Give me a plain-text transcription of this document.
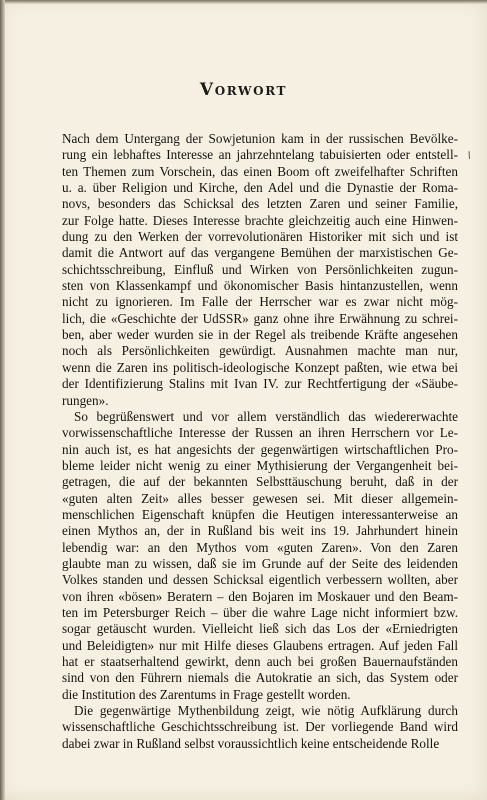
Vorwort
/

Nach dem Untergang der Sowjetunion kam in der russischen Bevölke-
rung ein lebhaftes Interesse an jahrzehntelang tabuisierten oder entstell-
ten Themen zum Vorschein, das einen Boom oft zweifelhafter Schriften
u. a. über Religion und Kirche, den Adel und die Dynastie der Roma-
novs, besonders das Schicksal des letzten Zaren und seiner Familie,
zur Folge hatte. Dieses Interesse brachte gleichzeitig auch eine Hinwen-
dung zu den Werken der vorrevolutionären Historiker mit sich und ist
damit die Antwort auf das vergangene Bemühen der marxistischen Ge-
schichtsschreibung, Einfluß und Wirken von Persönlichkeiten zugun-
sten von Klassenkampf und ökonomischer Basis hintanzustellen, wenn
nicht zu ignorieren. Im Falle der Herrscher war es zwar nicht mög-
lich, die «Geschichte der UdSSR» ganz ohne ihre Erwähnung zu schrei-
ben, aber weder wurden sie in der Regel als treibende Kräfte angesehen
noch als Persönlichkeiten gewürdigt. Ausnahmen machte man nur,
wenn die Zaren ins politisch-ideologische Konzept paßten, wie etwa bei
der Identifizierung Stalins mit Ivan IV. zur Rechtfertigung der «Säube-
rungen».

So begrüßenswert und vor allem verständlich das wiedererwachte
vorwissenschaftliche Interesse der Russen an ihren Herrschern vor Le-
nin auch ist, es hat angesichts der gegenwärtigen wirtschaftlichen Pro-
bleme leider nicht wenig zu einer Mythisierung der Vergangenheit bei-
getragen, die auf der bekannten Selbsttäuschung beruht, daß in der
«guten alten Zeit» alles besser gewesen sei. Mit dieser allgemein-
menschlichen Eigenschaft knüpfen die Heutigen interessanterweise an
einen Mythos an, der in Rußland bis weit ins 19. Jahrhundert hinein
lebendig war: an den Mythos vom «guten Zaren». Von den Zaren
glaubte man zu wissen, daß sie im Grunde auf der Seite des leidenden
Volkes standen und dessen Schicksal eigentlich verbessern wollten, aber
von ihren «bösen» Beratern – den Bojaren im Moskauer und den Beam-
ten im Petersburger Reich – über die wahre Lage nicht informiert bzw.
sogar getäuscht wurden. Vielleicht ließ sich das Los der «Erniedrigten
und Beleidigten» nur mit Hilfe dieses Glaubens ertragen. Auf jeden Fall
hat er staatserhaltend gewirkt, denn auch bei großen Bauernaufständen
sind von den Führern niemals die Autokratie an sich, das System oder
die Institution des Zarentums in Frage gestellt worden.

Die gegenwärtige Mythenbildung zeigt, wie nötig Aufklärung durch
wissenschaftliche Geschichtsschreibung ist. Der vorliegende Band wird
dabei zwar in Rußland selbst voraussichtlich keine entscheidende Rolle
